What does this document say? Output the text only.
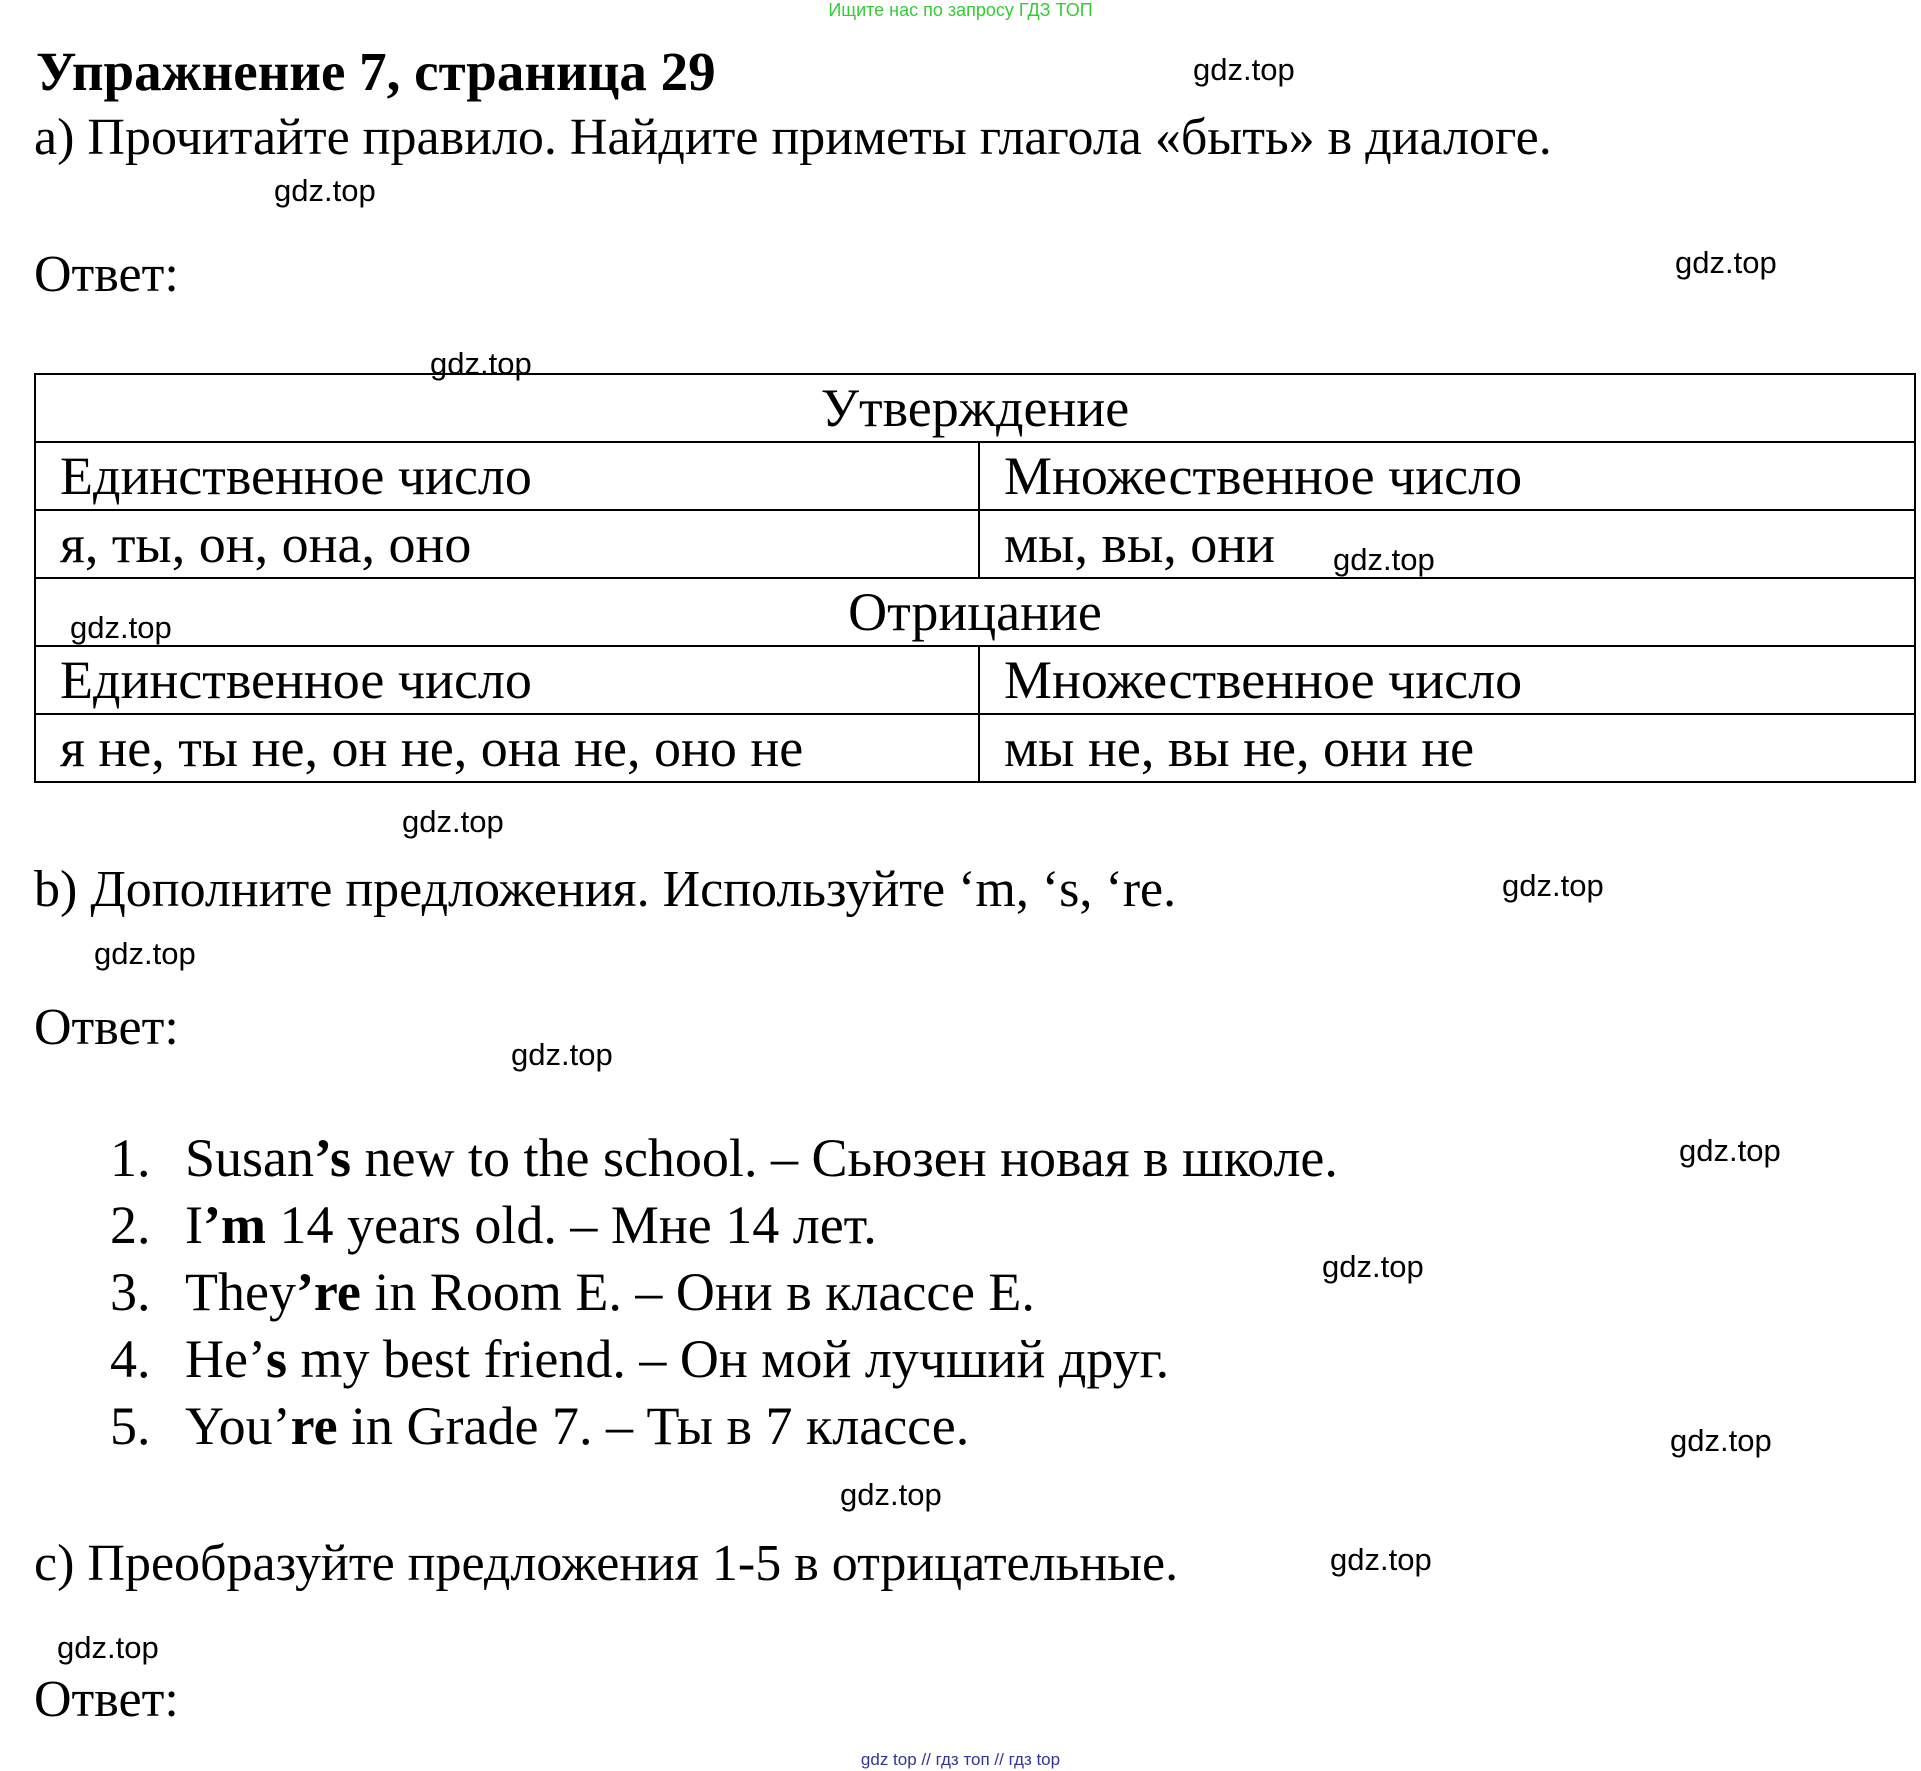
Ищите нас по запросу ГДЗ ТОП
Упражнение 7, страница 29
a) Прочитайте правило. Найдите приметы глагола «быть» в диалоге.
Ответ:
Утверждение	
Единственное число	Множественное число
я, ты, он, она, оно	мы, вы, они
Отрицание	
Единственное число	Множественное число
я не, ты не, он не, она не, оно не	мы не, вы не, они не
b) Дополните предложения. Используйте ‘m, ‘s, ‘re.
Ответ:
1. Susan’s new to the school. – Сьюзен новая в школе.
2. I’m 14 years old. – Мне 14 лет.
3. They’re in Room E. – Они в классе Е.
4. He’s my best friend. – Он мой лучший друг.
5. You’re in Grade 7. – Ты в 7 классе.
c) Преобразуйте предложения 1-5 в отрицательные.
Ответ:
gdz.top
gdz.top
gdz.top
gdz.top
gdz.top
gdz.top
gdz.top
gdz.top
gdz.top
gdz.top
gdz.top
gdz.top
gdz.top
gdz.top
gdz.top
gdz.top
gdz top // гдз топ // гдз top
